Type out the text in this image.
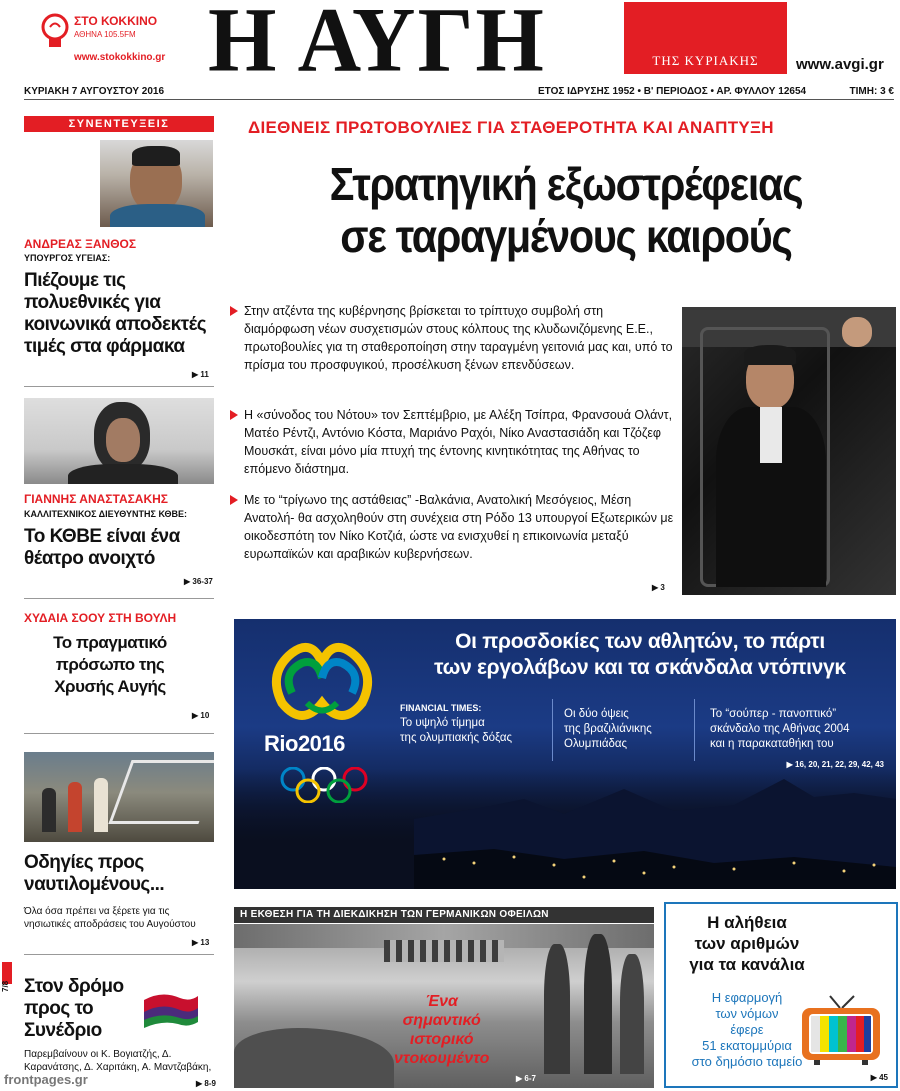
ΣΤΟ ΚΟΚΚΙΝΟ
ΑΘΗΝΑ 105.5FM
www.stokokkino.gr Η ΑΥΓΗ	ΤΗΣ ΚΥΡΙΑΚΗΣ	www.avgi.gr
ΚΥΡΙΑΚΗ 7 ΑΥΓΟΥΣΤΟΥ 2016	ΕΤΟΣ ΙΔΡΥΣΗΣ 1952 • Β' ΠΕΡΙΟΔΟΣ • ΑΡ. ΦΥΛΛΟΥ 12654	ΤΙΜΗ: 3 €
ΣΥΝΕΝΤΕΥΞΕΙΣ
ΑΝΔΡΕΑΣ ΞΑΝΘΟΣ
ΥΠΟΥΡΓΟΣ ΥΓΕΙΑΣ:
Πιέζουμε τις πολυεθνικές για κοινωνικά αποδεκτές τιμές στα φάρμακα
▶ 11
ΓΙΑΝΝΗΣ ΑΝΑΣΤΑΣΑΚΗΣ
ΚΑΛΛΙΤΕΧΝΙΚΟΣ ΔΙΕΥΘΥΝΤΗΣ ΚΘΒΕ:
Το ΚΘΒΕ είναι ένα θέατρο ανοιχτό
▶ 36-37
ΧΥΔΑΙΑ ΣΟΟΥ ΣΤΗ ΒΟΥΛΗ
Το πραγματικό πρόσωπο της Χρυσής Αυγής
▶ 10
Οδηγίες προς ναυτιλομένους...
Όλα όσα πρέπει να ξέρετε για τις νησιωτικές αποδράσεις του Αυγούστου
▶ 13
7/8 Στον δρόμο προς το Συνέδριο
Παρεμβαίνουν οι Κ. Βογιατζής, Δ. Καρανάτσης, Δ. Χαριτάκη, Α. Μαντζαβάκη,
▶ 8-9
ΔΙΕΘΝΕΙΣ ΠΡΩΤΟΒΟΥΛΙΕΣ ΓΙΑ ΣΤΑΘΕΡΟΤΗΤΑ ΚΑΙ ΑΝΑΠΤΥΞΗ
Στρατηγική εξωστρέφειας
σε ταραγμένους καιρούς

Στην ατζέντα της κυβέρνησης βρίσκεται το τρίπτυχο συμβολή στη διαμόρφωση νέων συσχετισμών στους κόλπους της κλυδωνιζόμενης Ε.Ε., πρωτοβουλίες για τη σταθεροποίηση στην ταραγμένη γειτονιά μας και, υπό το πρίσμα του προσφυγικού, προσέλκυση ξένων επενδύσεων.

Η «σύνοδος του Νότου» τον Σεπτέμβριο, με Αλέξη Τσίπρα, Φρανσουά Ολάντ, Ματέο Ρέντζι, Αντόνιο Κόστα, Μαριάνο Ραχόι, Νίκο Αναστασιάδη και Τζόζεφ Μουσκάτ, είναι μόνο μία πτυχή της έντονης κινητικότητας της Αθήνας το επόμενο διάστημα.

Με το “τρίγωνο της αστάθειας” -Βαλκάνια, Ανατολική Μεσόγειος, Μέση Ανατολή- θα ασχοληθούν στη συνέχεια στη Ρόδο 13 υπουργοί Εξωτερικών με οικοδεσπότη τον Νίκο Κοτζιά, ώστε να ενισχυθεί η επικοινωνία μεταξύ ευρωπαϊκών και αραβικών κυβερνήσεων.

▶ 3
Οι προσδοκίες των αθλητών, το πάρτι
των εργολάβων και τα σκάνδαλα ντόπινγκ
Rio2016
FINANCIAL TIMES:
Το υψηλό τίμημα
της ολυμπιακής δόξας
Οι δύο όψεις
της βραζιλιάνικης
Ολυμπιάδας
Το “σούπερ - πανοπτικό”
σκάνδαλο της Αθήνας 2004
και η παρακαταθήκη του
▶ 16, 20, 21, 22, 29, 42, 43
Η ΕΚΘΕΣΗ ΓΙΑ ΤΗ ΔΙΕΚΔΙΚΗΣΗ ΤΩΝ ΓΕΡΜΑΝΙΚΩΝ ΟΦΕΙΛΩΝ
Ένα
σημαντικό
ιστορικό
ντοκουμέντο
▶ 6-7
Η αλήθεια
των αριθμών
για τα κανάλια
Η εφαρμογή
των νόμων
έφερε
51 εκατομμύρια
στο δημόσιο ταμείο
▶ 45
frontpages.gr
